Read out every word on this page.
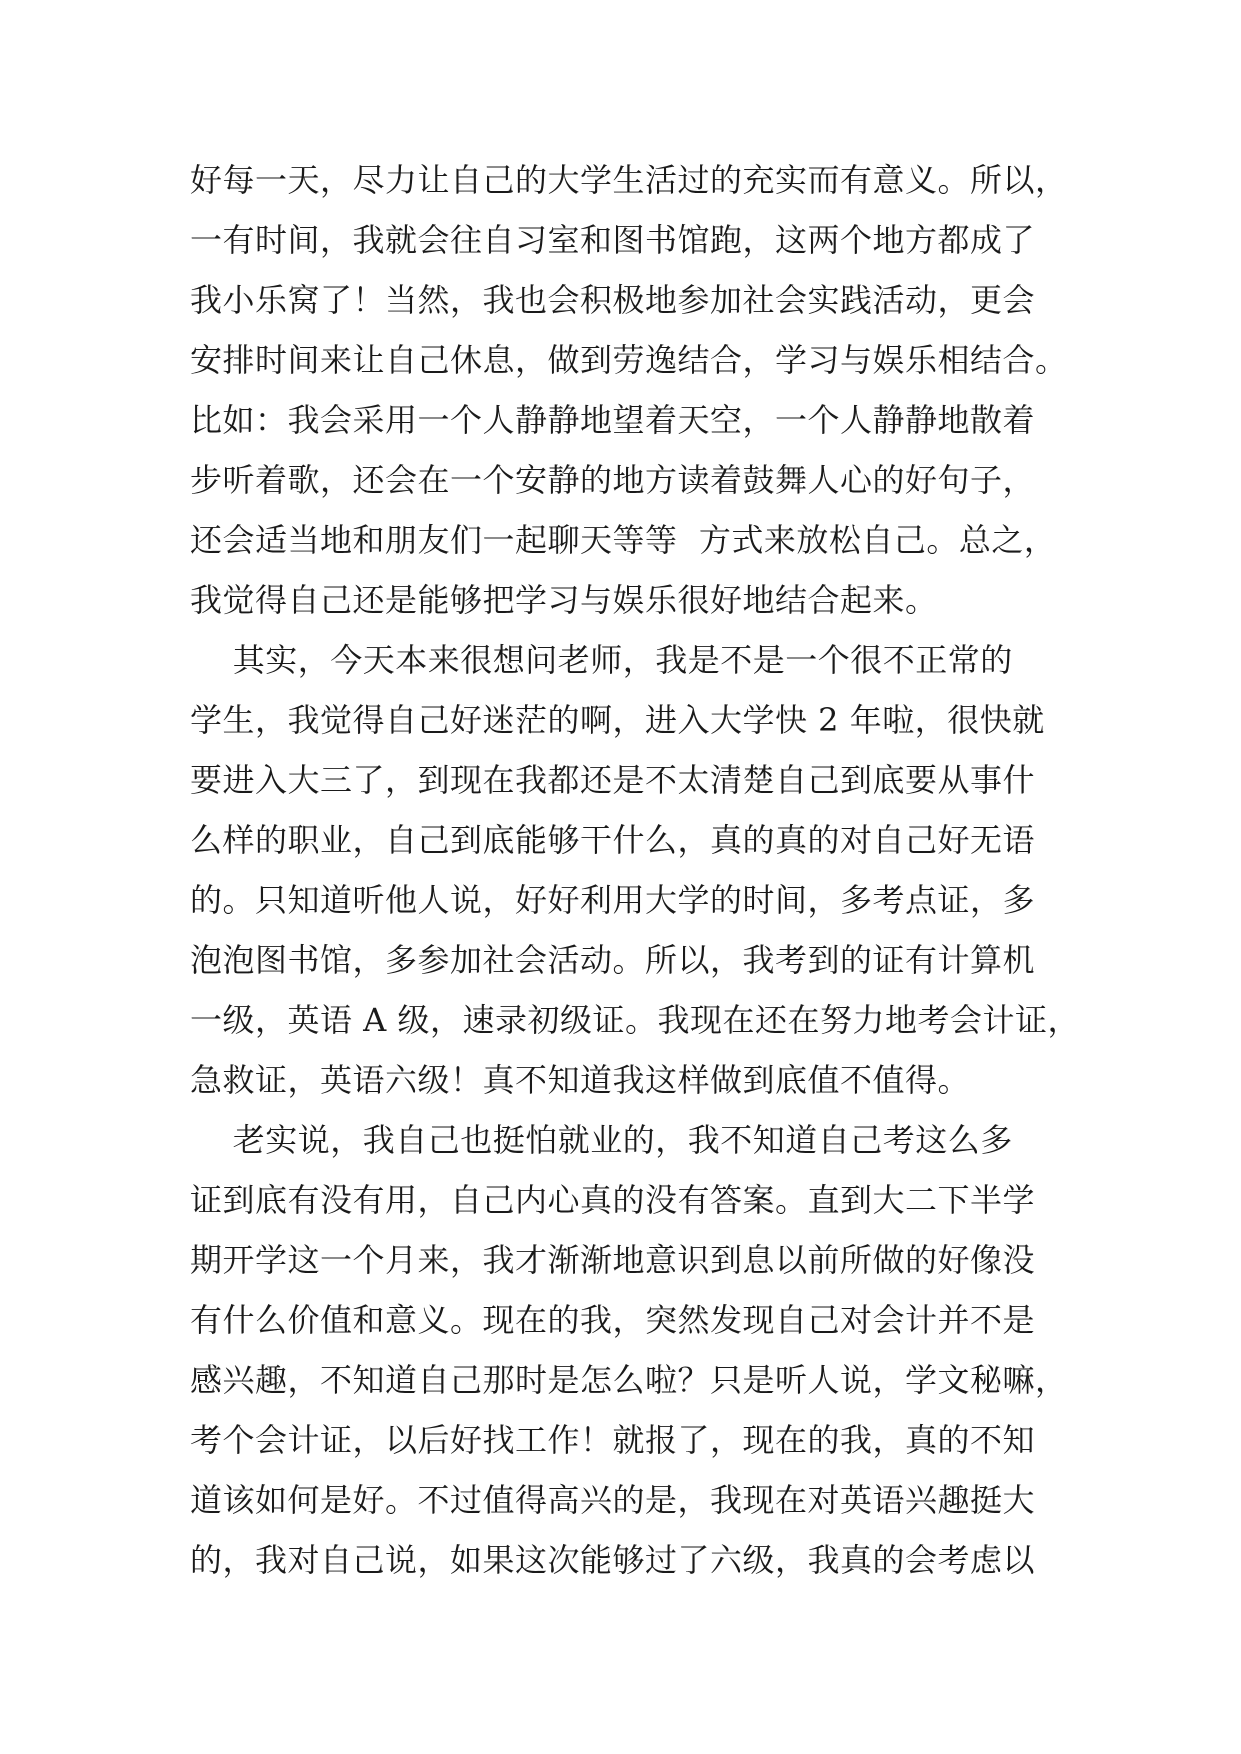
好每一天，尽力让自己的大学生活过的充实而有意义。所以，
一有时间，我就会往自习室和图书馆跑，这两个地方都成了
我小乐窝了！当然，我也会积极地参加社会实践活动，更会
安排时间来让自己休息，做到劳逸结合，学习与娱乐相结合。
比如：我会采用一个人静静地望着天空，一个人静静地散着
步听着歌，还会在一个安静的地方读着鼓舞人心的好句子，
还会适当地和朋友们一起聊天等等  方式来放松自己。总之，
我觉得自己还是能够把学习与娱乐很好地结合起来。
其实，今天本来很想问老师，我是不是一个很不正常的
学生，我觉得自己好迷茫的啊，进入大学快 2 年啦，很快就
要进入大三了，到现在我都还是不太清楚自己到底要从事什
么样的职业，自己到底能够干什么，真的真的对自己好无语
的。只知道听他人说，好好利用大学的时间，多考点证，多
泡泡图书馆，多参加社会活动。所以，我考到的证有计算机
一级，英语 A 级，速录初级证。我现在还在努力地考会计证，
急救证，英语六级！真不知道我这样做到底值不值得。
老实说，我自己也挺怕就业的，我不知道自己考这么多
证到底有没有用，自己内心真的没有答案。直到大二下半学
期开学这一个月来，我才渐渐地意识到息以前所做的好像没
有什么价值和意义。现在的我，突然发现自己对会计并不是
感兴趣，不知道自己那时是怎么啦？只是听人说，学文秘嘛，
考个会计证，以后好找工作！就报了，现在的我，真的不知
道该如何是好。不过值得高兴的是，我现在对英语兴趣挺大
的，我对自己说，如果这次能够过了六级，我真的会考虑以
